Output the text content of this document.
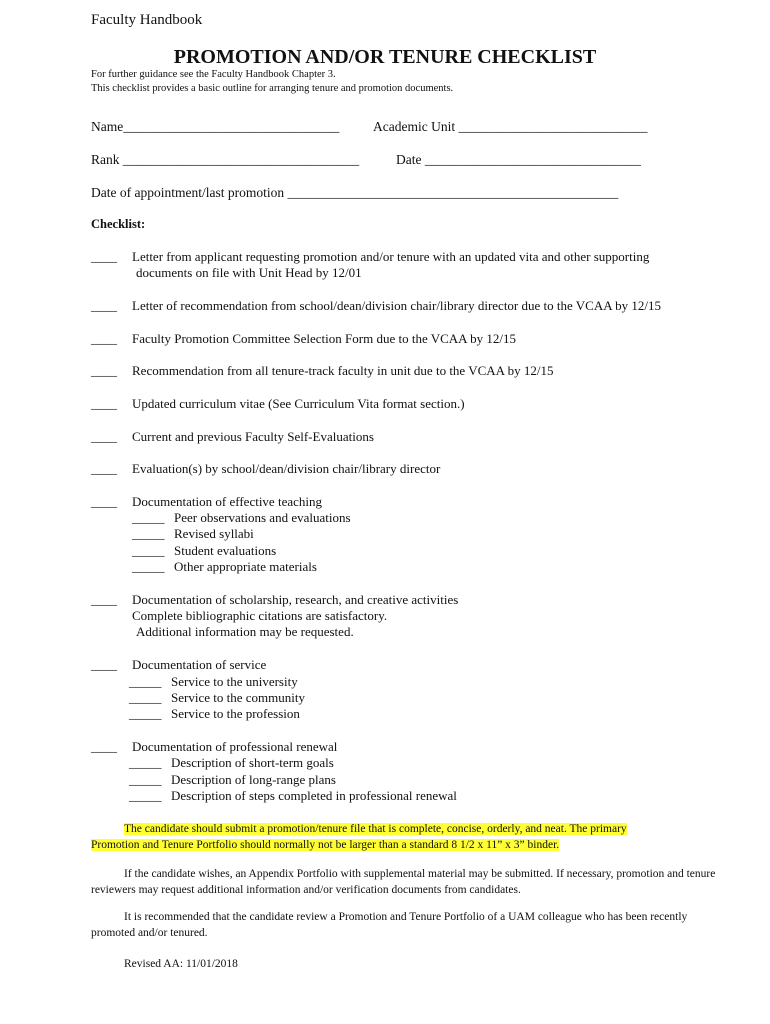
Faculty Handbook
PROMOTION AND/OR TENURE CHECKLIST
For further guidance see the Faculty Handbook Chapter 3.
This checklist provides a basic outline for arranging tenure and promotion documents.
Name________________________________	Academic Unit ____________________________
Rank ___________________________________	Date ________________________________
Date of appointment/last promotion _________________________________________________
Checklist:
____ Letter from applicant requesting promotion and/or tenure with an updated vita and other supporting
documents on file with Unit Head by 12/01
____ Letter of recommendation from school/dean/division chair/library director due to the VCAA by 12/15
____ Faculty Promotion Committee Selection Form due to the VCAA by 12/15
____ Recommendation from all tenure-track faculty in unit due to the VCAA by 12/15
____ Updated curriculum vitae (See Curriculum Vita format section.)
____ Current and previous Faculty Self-Evaluations
____ Evaluation(s) by school/dean/division chair/library director
____ Documentation of effective teaching
_____ Peer observations and evaluations
_____ Revised syllabi
_____ Student evaluations
_____ Other appropriate materials
____ Documentation of scholarship, research, and creative activities
Complete bibliographic citations are satisfactory.
Additional information may be requested.
____ Documentation of service
_____ Service to the university
_____ Service to the community
_____ Service to the profession
____ Documentation of professional renewal
_____ Description of short-term goals
_____ Description of long-range plans
_____ Description of steps completed in professional renewal
The candidate should submit a promotion/tenure file that is complete, concise, orderly, and neat. The primary
Promotion and Tenure Portfolio should normally not be larger than a standard 8 1/2 x 11” x 3” binder.
If the candidate wishes, an Appendix Portfolio with supplemental material may be submitted. If necessary, promotion and tenure reviewers may request additional information and/or verification documents from candidates.
It is recommended that the candidate review a Promotion and Tenure Portfolio of a UAM colleague who has been recently promoted and/or tenured.
Revised AA: 11/01/2018
